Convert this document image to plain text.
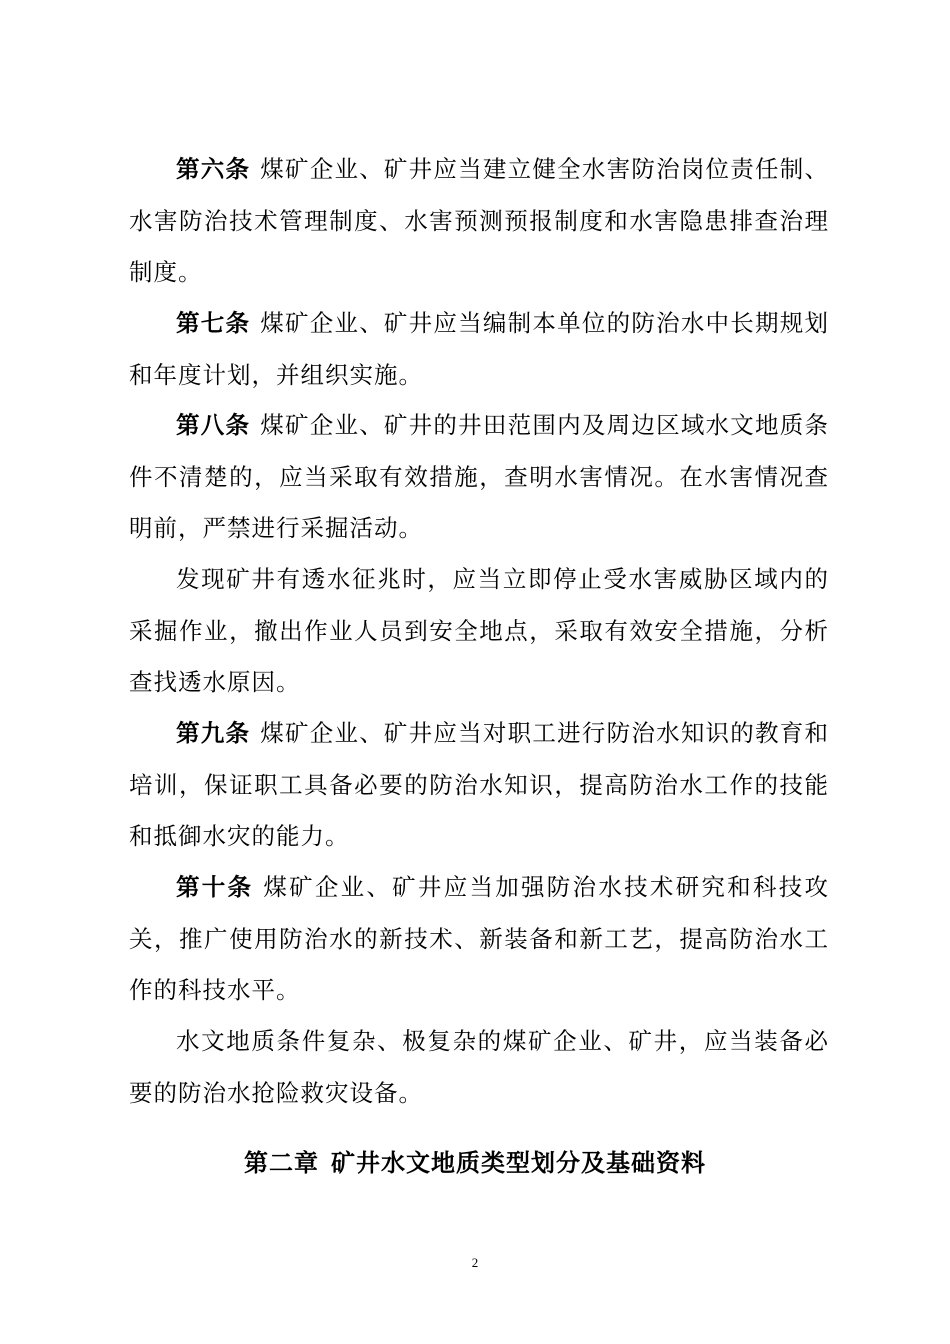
第六条 煤矿企业、矿井应当建立健全水害防治岗位责任制、水害防治技术管理制度、水害预测预报制度和水害隐患排查治理制度。

第七条 煤矿企业、矿井应当编制本单位的防治水中长期规划和年度计划，并组织实施。

第八条 煤矿企业、矿井的井田范围内及周边区域水文地质条件不清楚的，应当采取有效措施，查明水害情况。在水害情况查明前，严禁进行采掘活动。

发现矿井有透水征兆时，应当立即停止受水害威胁区域内的采掘作业，撤出作业人员到安全地点，采取有效安全措施，分析查找透水原因。

第九条 煤矿企业、矿井应当对职工进行防治水知识的教育和培训，保证职工具备必要的防治水知识，提高防治水工作的技能和抵御水灾的能力。

第十条 煤矿企业、矿井应当加强防治水技术研究和科技攻关，推广使用防治水的新技术、新装备和新工艺，提高防治水工作的科技水平。

水文地质条件复杂、极复杂的煤矿企业、矿井，应当装备必要的防治水抢险救灾设备。

第二章 矿井水文地质类型划分及基础资料
2
